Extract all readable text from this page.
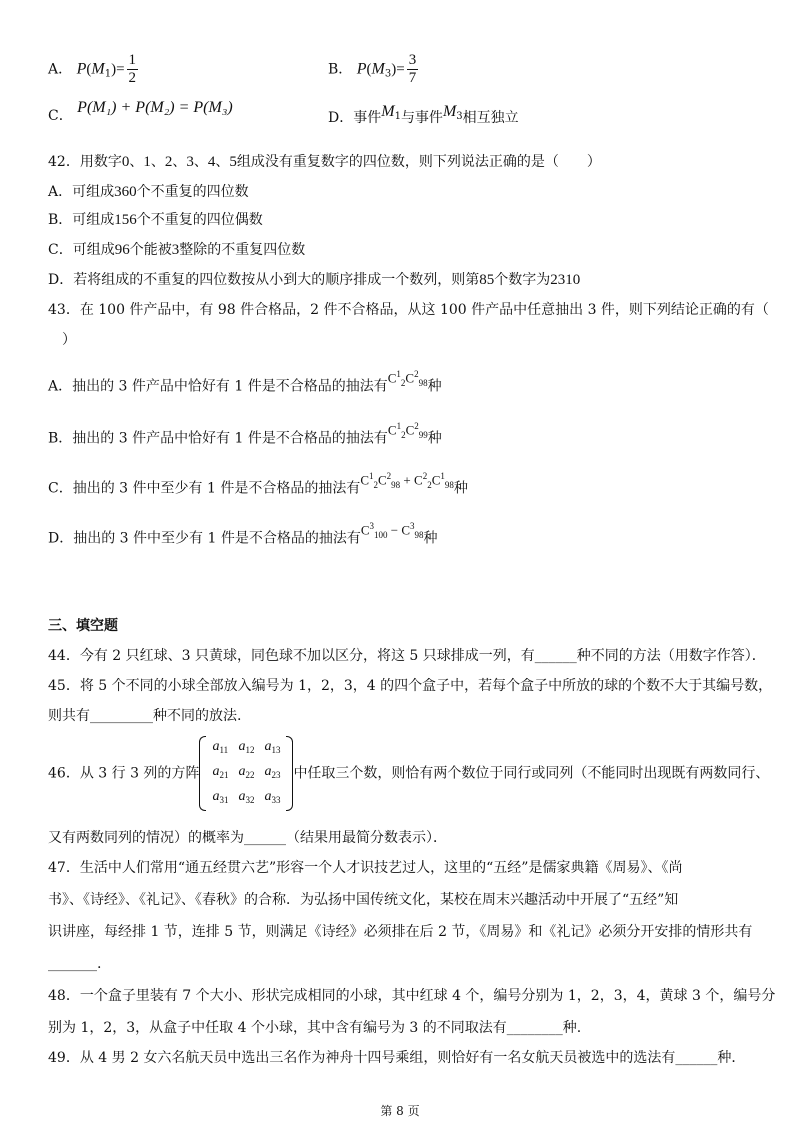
A． $P(M_1)= \frac{1}{2}$	B． $P(M_3)= \frac{3}{7}$
C． P(M₁) + P(M₂) = P(M₃)
D．事件$M^1$与事件$M^3$相互独立
42．用数字0、1、2、3、4、5组成没有重复数字的四位数，则下列说法正确的是（　　）
A．可组成360个不重复的四位数
B．可组成156个不重复的四位偶数
C．可组成96个能被3整除的不重复四位数
D．若将组成的不重复的四位数按从小到大的顺序排成一个数列，则第85个数字为2310
43．在 100 件产品中，有 98 件合格品，2 件不合格品，从这 100 件产品中任意抽出 3 件，则下列结论正确的有（
）
A．抽出的 3 件产品中恰好有 1 件是不合格品的抽法有$C^1_2C^2_{98}$种
B．抽出的 3 件产品中恰好有 1 件是不合格品的抽法有$C^1_2C^2_{99}$种
C．抽出的 3 件中至少有 1 件是不合格品的抽法有$C^1_2C^2_{98} + C^2_2C^1_{98}$种
D．抽出的 3 件中至少有 1 件是不合格品的抽法有$C^3_{100} - C^3_{98}$种
三、填空题
44．今有 2 只红球、3 只黄球，同色球不加以区分，将这 5 只球排成一列，有______种不同的方法（用数字作答）．
45．将 5 个不同的小球全部放入编号为 1，2，3，4 的四个盒子中，若每个盒子中所放的球的个数不大于其编号数，
则共有_________种不同的放法.
46．从 3 行 3 列的方阵
$a_{11}$	$a_{12}$	$a_{13}$
$a_{21}$	$a_{22}$	$a_{23}$
$a_{31}$	$a_{32}$	$a_{33}$
中任取三个数，则恰有两个数位于同行或同列（不能同时出现既有两数同行、
又有两数同列的情况）的概率为______（结果用最简分数表示）．
47．生活中人们常用“通五经贯六艺”形容一个人才识技艺过人，这里的“五经”是儒家典籍《周易》、《尚
书》、《诗经》、《礼记》、《春秋》的合称．为弘扬中国传统文化，某校在周末兴趣活动中开展了“五经”知
识讲座，每经排 1 节，连排 5 节，则满足《诗经》必须排在后 2 节，《周易》和《礼记》必须分开安排的情形共有
_______.
48．一个盒子里装有 7 个大小、形状完成相同的小球，其中红球 4 个，编号分别为 1，2，3，4，黄球 3 个，编号分
别为 1，2，3，从盒子中任取 4 个小球，其中含有编号为 3 的不同取法有________种.
49．从 4 男 2 女六名航天员中选出三名作为神舟十四号乘组，则恰好有一名女航天员被选中的选法有______种．
第 8 页
